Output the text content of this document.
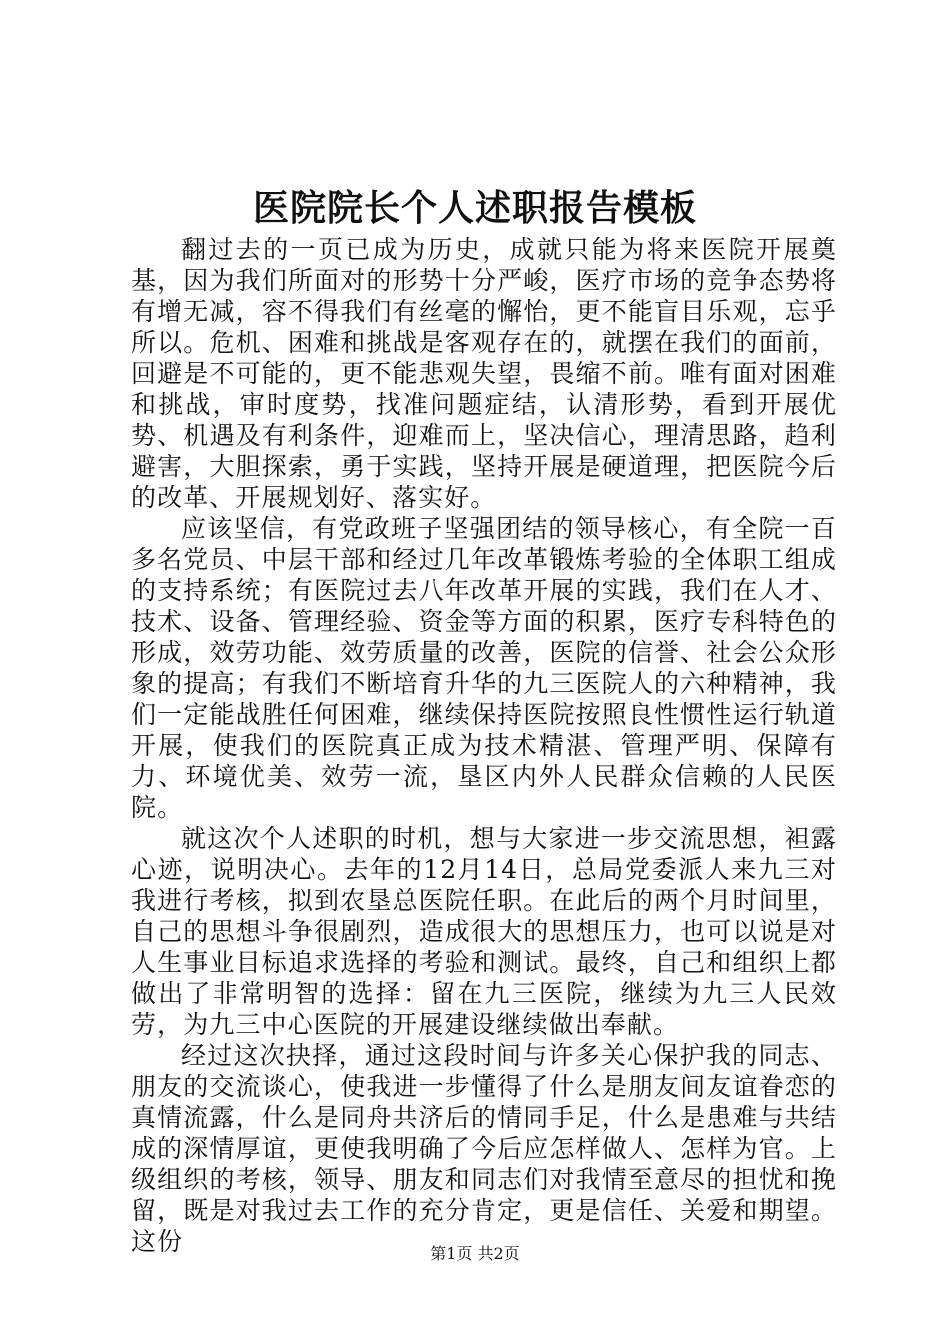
医院院长个人述职报告模板

翻过去的一页已成为历史，成就只能为将来医院开展奠基，因为我们所面对的形势十分严峻，医疗市场的竞争态势将有增无减，容不得我们有丝毫的懈怡，更不能盲目乐观，忘乎所以。危机、困难和挑战是客观存在的，就摆在我们的面前，回避是不可能的，更不能悲观失望，畏缩不前。唯有面对困难和挑战，审时度势，找准问题症结，认清形势，看到开展优势、机遇及有利条件，迎难而上，坚决信心，理清思路，趋利避害，大胆探索，勇于实践，坚持开展是硬道理，把医院今后的改革、开展规划好、落实好。

应该坚信，有党政班子坚强团结的领导核心，有全院一百多名党员、中层干部和经过几年改革锻炼考验的全体职工组成的支持系统；有医院过去八年改革开展的实践，我们在人才、技术、设备、管理经验、资金等方面的积累，医疗专科特色的形成，效劳功能、效劳质量的改善，医院的信誉、社会公众形象的提高；有我们不断培育升华的九三医院人的六种精神，我们一定能战胜任何困难，继续保持医院按照良性惯性运行轨道开展，使我们的医院真正成为技术精湛、管理严明、保障有力、环境优美、效劳一流，垦区内外人民群众信赖的人民医院。

就这次个人述职的时机，想与大家进一步交流思想，袒露心迹，说明决心。去年的12月14日，总局党委派人来九三对我进行考核，拟到农垦总医院任职。在此后的两个月时间里，自己的思想斗争很剧烈，造成很大的思想压力，也可以说是对人生事业目标追求选择的考验和测试。最终，自己和组织上都做出了非常明智的选择：留在九三医院，继续为九三人民效劳，为九三中心医院的开展建设继续做出奉献。

经过这次抉择，通过这段时间与许多关心保护我的同志、朋友的交流谈心，使我进一步懂得了什么是朋友间友谊眷恋的真情流露，什么是同舟共济后的情同手足，什么是患难与共结成的深情厚谊，更使我明确了今后应怎样做人、怎样为官。上级组织的考核，领导、朋友和同志们对我情至意尽的担忧和挽留，既是对我过去工作的充分肯定，更是信任、关爱和期望。这份	第1页 共2页
